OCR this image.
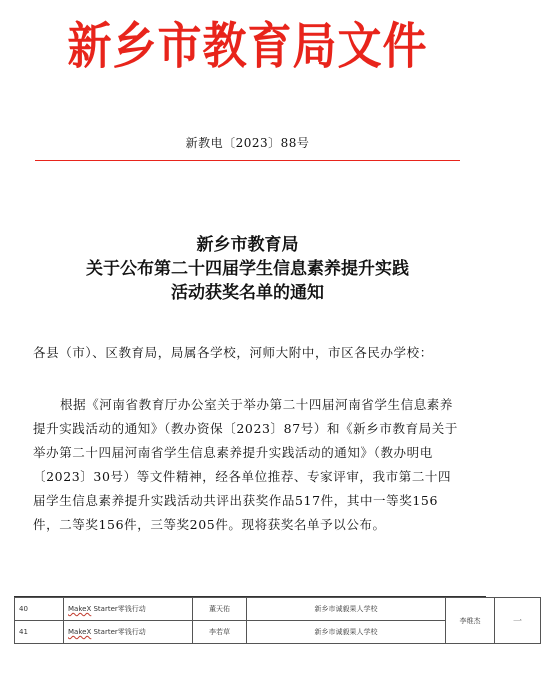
新乡市教育局文件
新教电〔2023〕88号
新乡市教育局
关于公布第二十四届学生信息素养提升实践
活动获奖名单的通知
各县（市）、区教育局，局属各学校，河师大附中，市区各民办学校：
根据《河南省教育厅办公室关于举办第二十四届河南省学生信息素养提升实践活动的通知》（教办资保〔2023〕87号）和《新乡市教育局关于举办第二十四届河南省学生信息素养提升实践活动的通知》（教办明电〔2023〕30号）等文件精神，经各单位推荐、专家评审，我市第二十四届学生信息素养提升实践活动共评出获奖作品517件，其中一等奖156件，二等奖156件，三等奖205件。现将获奖名单予以公布。
40	MakeX Starter零钱行动	董天佑	新乡市诚毅果人学校	李维杰	一
41	MakeX Starter零钱行动	李若草	新乡市诚毅果人学校		
